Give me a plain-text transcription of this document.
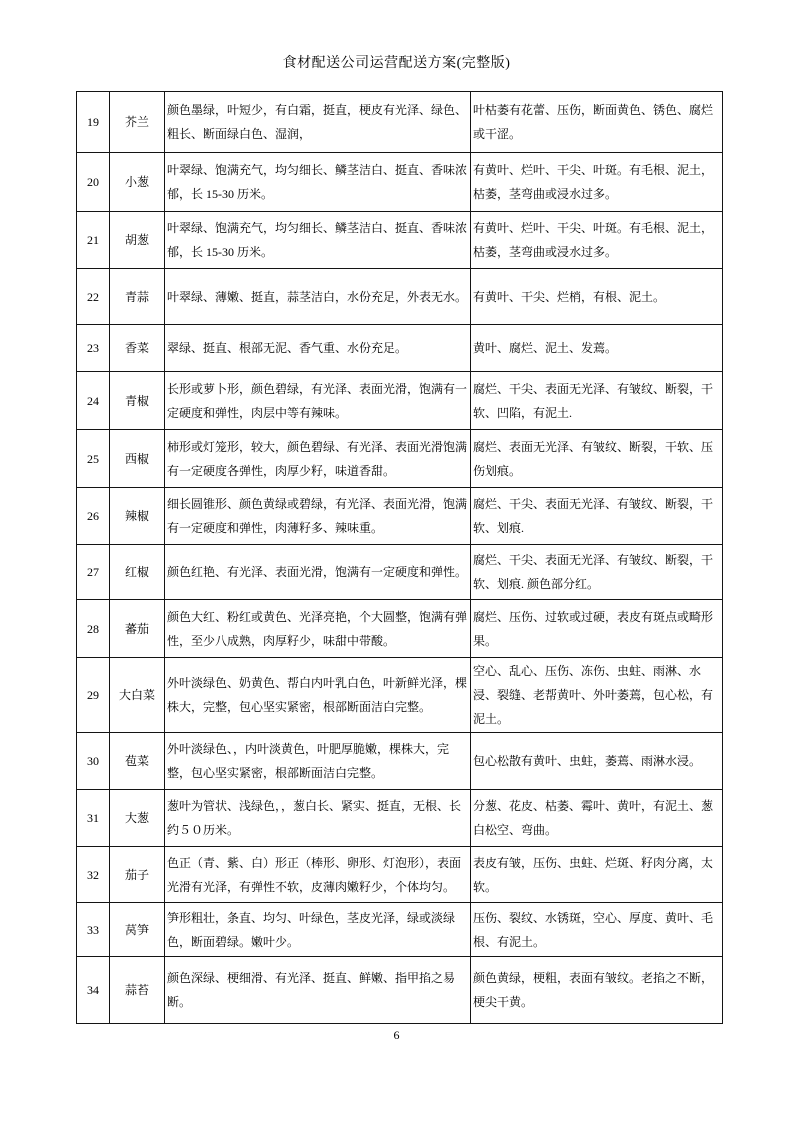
食材配送公司运营配送方案(完整版)
19	芥兰	颜色墨绿，叶短少，有白霜，挺直，梗皮有光泽、绿色、粗长、断面绿白色、湿润，	叶枯萎有花蕾、压伤，断面黄色、锈色、腐烂或干涩。
20	小葱	叶翠绿、饱满充气，均匀细长、鳞茎洁白、挺直、香味浓郁，长 15-30 历米。	有黄叶、烂叶、干尖、叶斑。有毛根、泥土，枯萎，茎弯曲或浸水过多。
21	胡葱	叶翠绿、饱满充气，均匀细长、鳞茎洁白、挺直、香味浓郁，长 15-30 历米。	有黄叶、烂叶、干尖、叶斑。有毛根、泥土，枯萎，茎弯曲或浸水过多。
22	青蒜	叶翠绿、薄嫩、挺直，蒜茎洁白，水份充足，外表无水。	有黄叶、干尖、烂梢，有根、泥土。
23	香菜	翠绿、挺直、根部无泥、香气重、水份充足。	黄叶、腐烂、泥土、发蔫。
24	青椒	长形或萝卜形，颜色碧绿，有光泽、表面光滑，饱满有一定硬度和弹性，肉层中等有辣味。	腐烂、干尖、表面无光泽、有皱纹、断裂，干软、凹陷，有泥土.
25	西椒	柿形或灯笼形，较大，颜色碧绿、有光泽、表面光滑饱满有一定硬度各弹性，肉厚少籽，味道香甜。	腐烂、表面无光泽、有皱纹、断裂，干软、压伤划痕。
26	辣椒	细长圆锥形、颜色黄绿或碧绿，有光泽、表面光滑，饱满有一定硬度和弹性，肉薄籽多、辣味重。	腐烂、干尖、表面无光泽、有皱纹、断裂，干软、划痕.
27	红椒	颜色红艳、有光泽、表面光滑，饱满有一定硬度和弹性。	腐烂、干尖、表面无光泽、有皱纹、断裂，干软、划痕. 颜色部分红。
28	蕃茄	颜色大红、粉红或黄色、光泽亮艳，个大圆整，饱满有弹性，至少八成熟，肉厚籽少，味甜中带酸。	腐烂、压伤、过软或过硬，表皮有斑点或畸形果。
29	大白菜	外叶淡绿色、奶黄色、帮白内叶乳白色，叶新鲜光泽，棵株大，完整，包心坚实紧密，根部断面洁白完整。	空心、乱心、压伤、冻伤、虫蛀、雨淋、水浸、裂缝、老帮黄叶、外叶萎蔫，包心松，有泥土。
30	苞菜	外叶淡绿色、，内叶淡黄色，叶肥厚脆嫩，棵株大，完整，包心坚实紧密，根部断面洁白完整。	包心松散有黄叶、虫蛀，萎蔫、雨淋水浸。
31	大葱	葱叶为管状、浅绿色，，葱白长、紧实、挺直，无根、长约５０历米。	分葱、花皮、枯萎、霉叶、黄叶，有泥土、葱白松空、弯曲。
32	茄子	色正（青、紫、白）形正（棒形、卵形、灯泡形），表面光滑有光泽，有弹性不软，皮薄肉嫩籽少，个体均匀。	表皮有皱，压伤、虫蛀、烂斑、籽肉分离，太软。
33	莴笋	笋形粗壮，条直、均匀、叶绿色，茎皮光泽，绿或淡绿色，断面碧绿。嫩叶少。	压伤、裂纹、水锈斑，空心、厚度、黄叶、毛根、有泥土。
34	蒜苔	颜色深绿、梗细滑、有光泽、挺直、鲜嫩、指甲掐之易断。	颜色黄绿，梗粗，表面有皱纹。老掐之不断，梗尖干黄。
6
